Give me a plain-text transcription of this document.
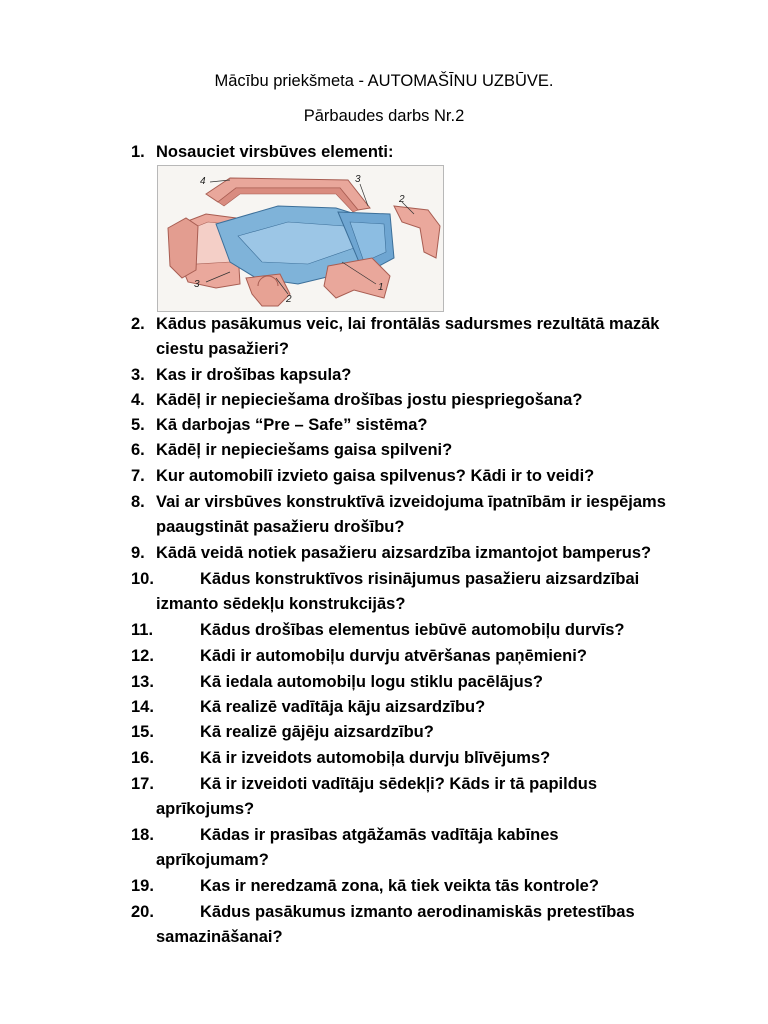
Mācību priekšmeta - AUTOMAŠĪNU UZBŪVE.
Pārbaudes darbs Nr.2
1. Nosauciet virsbūves elementi:
4	3
2
3
2
1
2. Kādus pasākumus veic, lai frontālās sadursmes rezultātā mazāk
ciestu pasažieri?
3. Kas ir drošības kapsula?
4. Kādēļ ir nepieciešama drošības jostu piespriegošana?
5. Kā darbojas “Pre – Safe” sistēma?
6. Kādēļ ir nepieciešams gaisa spilveni?
7. Kur automobilī izvieto gaisa spilvenus? Kādi ir to veidi?
8. Vai ar virsbūves konstruktīvā izveidojuma īpatnībām ir iespējams
paaugstināt pasažieru drošību?
9. Kādā veidā notiek pasažieru aizsardzība izmantojot bamperus?
10.	Kādus konstruktīvos risinājumus pasažieru aizsardzībai
izmanto sēdekļu konstrukcijās?
11.	Kādus drošības elementus iebūvē automobiļu durvīs?
12.	Kādi ir automobiļu durvju atvēršanas paņēmieni?
13.	Kā iedala automobiļu logu stiklu pacēlājus?
14.	Kā realizē vadītāja kāju aizsardzību?
15.	Kā realizē gājēju aizsardzību?
16.	Kā ir izveidots automobiļa durvju blīvējums?
17.	Kā ir izveidoti vadītāju sēdekļi? Kāds ir tā papildus
aprīkojums?
18.	Kādas ir prasības atgāžamās vadītāja kabīnes
aprīkojumam?
19.	Kas ir neredzamā zona, kā tiek veikta tās kontrole?
20.	Kādus pasākumus izmanto aerodinamiskās pretestības
samazināšanai?
